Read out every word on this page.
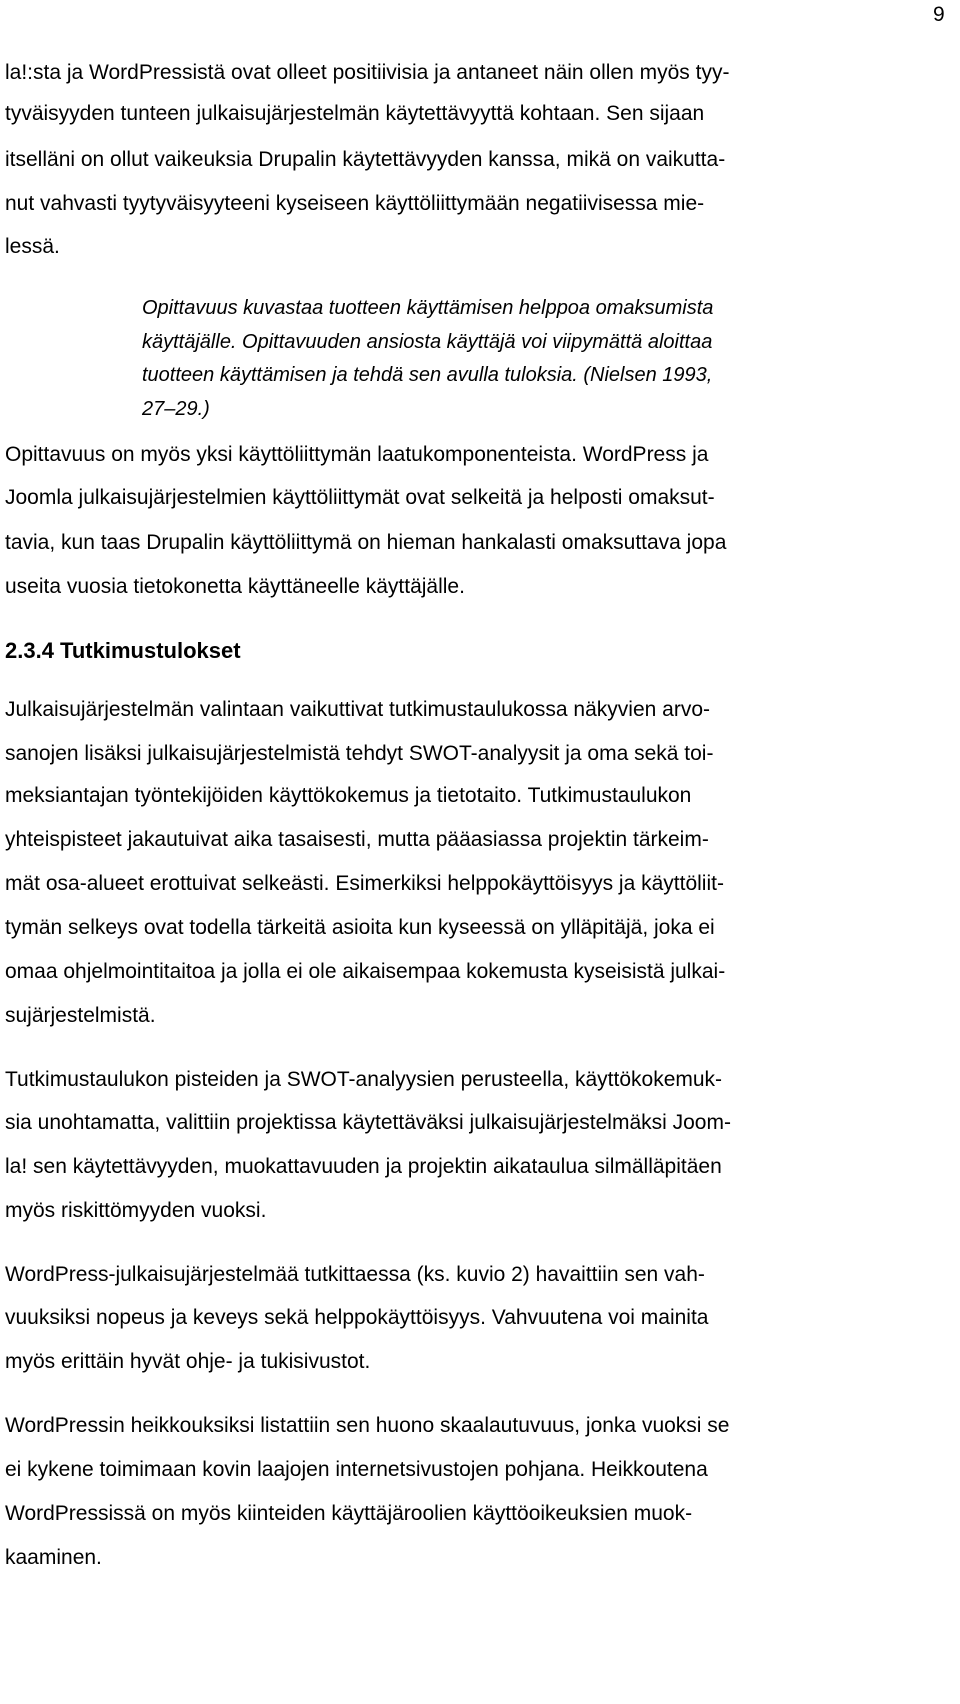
9
la!:sta ja WordPressistä ovat olleet positiivisia ja antaneet näin ollen myös tyy-
tyväisyyden tunteen julkaisujärjestelmän käytettävyyttä kohtaan. Sen sijaan
itselläni on ollut vaikeuksia Drupalin käytettävyyden kanssa, mikä on vaikutta-
nut vahvasti tyytyväisyyteeni kyseiseen käyttöliittymään negatiivisessa mie-
lessä.
Opittavuus kuvastaa tuotteen käyttämisen helppoa omaksumista
käyttäjälle. Opittavuuden ansiosta käyttäjä voi viipymättä aloittaa
tuotteen käyttämisen ja tehdä sen avulla tuloksia. (Nielsen 1993,
27–29.)
Opittavuus on myös yksi käyttöliittymän laatukomponenteista. WordPress ja
Joomla julkaisujärjestelmien käyttöliittymät ovat selkeitä ja helposti omaksut-
tavia, kun taas Drupalin käyttöliittymä on hieman hankalasti omaksuttava jopa
useita vuosia tietokonetta käyttäneelle käyttäjälle.
2.3.4 Tutkimustulokset
Julkaisujärjestelmän valintaan vaikuttivat tutkimustaulukossa näkyvien arvo-
sanojen lisäksi julkaisujärjestelmistä tehdyt SWOT-analyysit ja oma sekä toi-
meksiantajan työntekijöiden käyttökokemus ja tietotaito. Tutkimustaulukon
yhteispisteet jakautuivat aika tasaisesti, mutta pääasiassa projektin tärkeim-
mät osa-alueet erottuivat selkeästi. Esimerkiksi helppokäyttöisyys ja käyttöliit-
tymän selkeys ovat todella tärkeitä asioita kun kyseessä on ylläpitäjä, joka ei
omaa ohjelmointitaitoa ja jolla ei ole aikaisempaa kokemusta kyseisistä julkai-
sujärjestelmistä.
Tutkimustaulukon pisteiden ja SWOT-analyysien perusteella, käyttökokemuk-
sia unohtamatta, valittiin projektissa käytettäväksi julkaisujärjestelmäksi Joom-
la! sen käytettävyyden, muokattavuuden ja projektin aikataulua silmälläpitäen
myös riskittömyyden vuoksi.
WordPress-julkaisujärjestelmää tutkittaessa (ks. kuvio 2) havaittiin sen vah-
vuuksiksi nopeus ja keveys sekä helppokäyttöisyys. Vahvuutena voi mainita
myös erittäin hyvät ohje- ja tukisivustot.
WordPressin heikkouksiksi listattiin sen huono skaalautuvuus, jonka vuoksi se
ei kykene toimimaan kovin laajojen internetsivustojen pohjana. Heikkoutena
WordPressissä on myös kiinteiden käyttäjäroolien käyttöoikeuksien muok-
kaaminen.
